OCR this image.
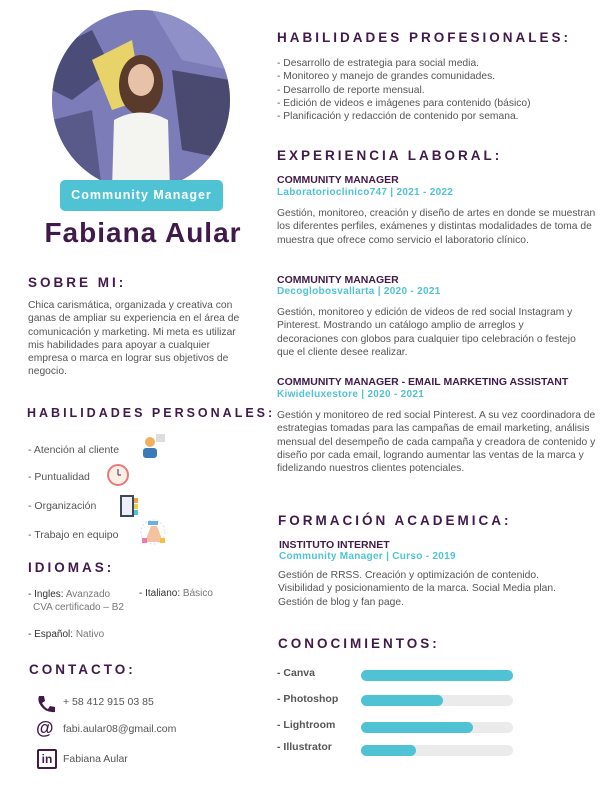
Community Manager
Fabiana Aular
SOBRE MI:
Chica carismática, organizada y creativa con ganas de ampliar su experiencia en el área de comunicación y marketing. Mi meta es utilizar mis habilidades para apoyar a cualquier empresa o marca en lograr sus objetivos de negocio.
HABILIDADES PERSONALES:
- Atención al cliente
- Puntualidad
- Organización
- Trabajo en equipo
IDIOMAS:
- Ingles: Avanzado
CVA certificado – B2
- Italiano: Básico
- Español: Nativo
CONTACTO:
+ 58 412 915 03 85
@ fabi.aular08@gmail.com
in	Fabiana Aular
HABILIDADES PROFESIONALES:
- Desarrollo de estrategia para social media.
- Monitoreo y manejo de grandes comunidades.
- Desarrollo de reporte mensual.
- Edición de videos e imágenes para contenido (básico)
- Planificación y redacción de contenido por semana.
EXPERIENCIA LABORAL:
COMMUNITY MANAGER
Laboratorioclinico747 | 2021 - 2022
Gestión, monitoreo, creación y diseño de artes en donde se muestran los diferentes perfiles, exámenes y distintas modalidades de toma de muestra que ofrece como servicio el laboratorio clínico.
COMMUNITY MANAGER
Decoglobosvallarta | 2020 - 2021
Gestión, monitoreo y edición de videos de red social Instagram y Pinterest. Mostrando un catálogo amplio de arreglos y decoraciones con globos para cualquier tipo celebración o festejo que el cliente desee realizar.
COMMUNITY MANAGER - EMAIL MARKETING ASSISTANT
Kiwideluxestore | 2020 - 2021
Gestión y monitoreo de red social Pinterest. A su vez coordinadora de estrategias tomadas para las campañas de email marketing, análisis mensual del desempeño de cada campaña y creadora de contenido y diseño por cada email, logrando aumentar las ventas de la marca y fidelizando nuestros clientes potenciales.
FORMACIÓN ACADEMICA:
INSTITUTO INTERNET
Community Manager | Curso - 2019
Gestión de RRSS. Creación y optimización de contenido. Visibilidad y posicionamiento de la marca. Social Media plan. Gestión de blog y fan page.
CONOCIMIENTOS:
- Canva
- Photoshop
- Lightroom
- Illustrator
